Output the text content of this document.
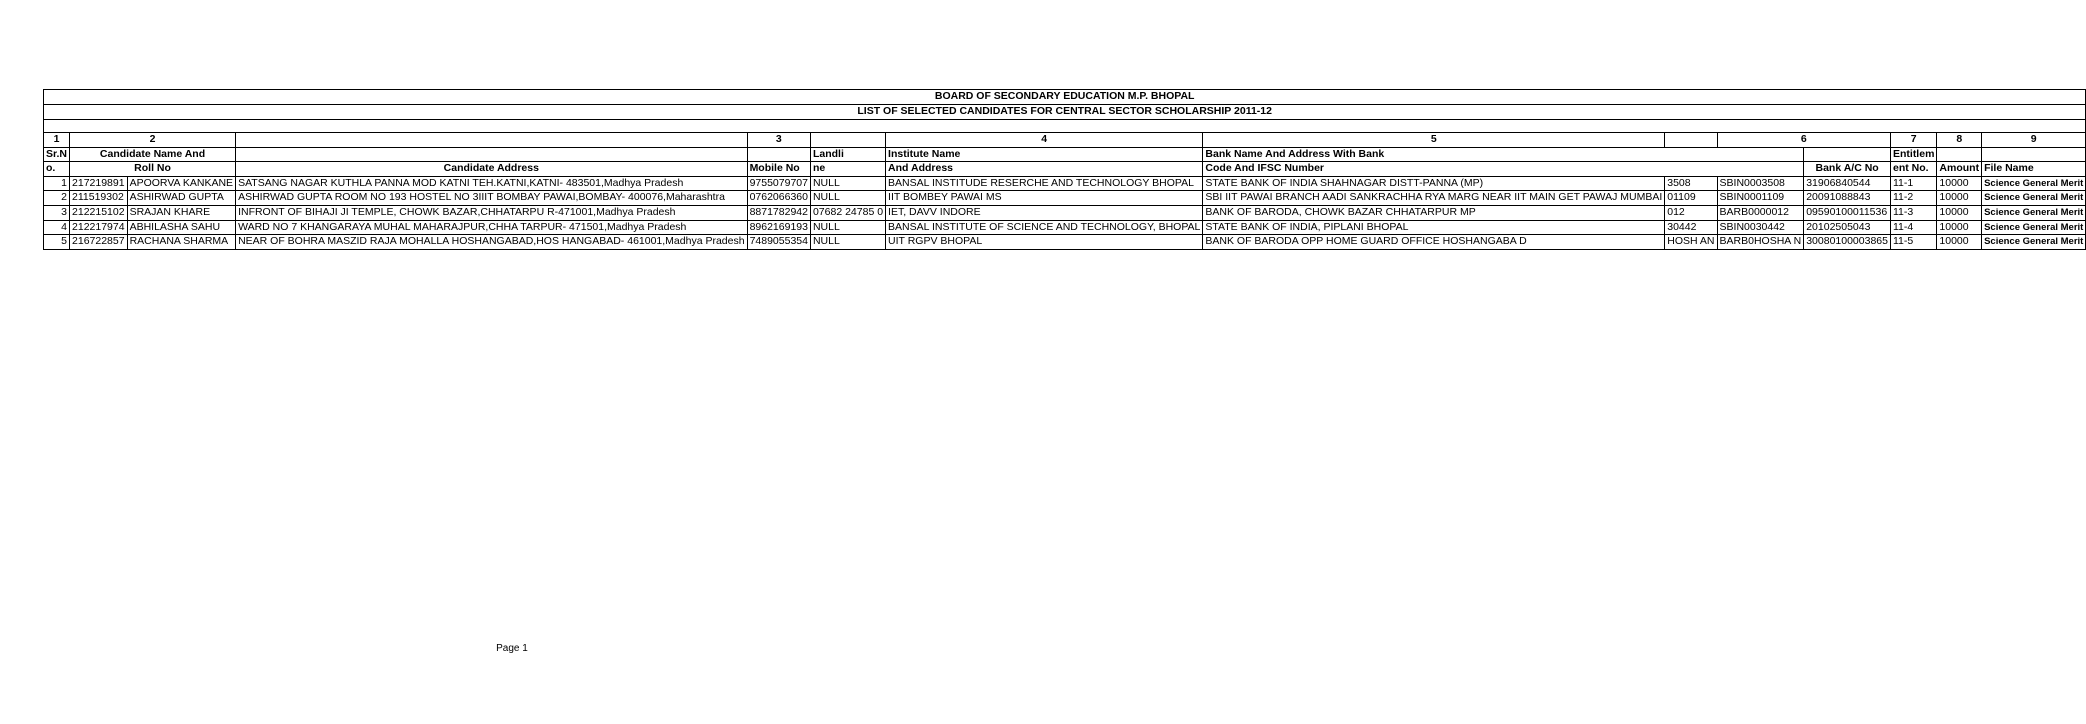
BOARD OF SECONDARY EDUCATION M.P. BHOPAL													
LIST OF SELECTED CANDIDATES FOR CENTRAL SECTOR SCHOLARSHIP 2011-12													

1	2			3		4	5		6		7	8	9
Sr.N	Candidate Name And				Landli	Institute Name	Bank Name And Address With Bank				Entitlem		
o.	Roll No		Candidate Address	Mobile No	ne	And Address	Code And IFSC Number			Bank A/C No	ent No.	Amount	File Name
1	217219891	APOORVA KANKANE	SATSANG NAGAR KUTHLA PANNA MOD KATNI TEH.KATNI,KATNI- 483501,Madhya Pradesh	9755079707	NULL	BANSAL INSTITUDE RESERCHE AND TECHNOLOGY BHOPAL	STATE BANK OF INDIA SHAHNAGAR DISTT-PANNA (MP)	3508	SBIN0003508	31906840544	11-1	10000	Science General Merit
2	211519302	ASHIRWAD GUPTA	ASHIRWAD GUPTA ROOM NO 193 HOSTEL NO 3IIIT BOMBAY PAWAI,BOMBAY- 400076,Maharashtra	0762066360	NULL	IIT BOMBEY PAWAI MS	SBI IIT PAWAI BRANCH AADI SANKRACHHA RYA MARG NEAR IIT MAIN GET PAWAJ MUMBAI	01109	SBIN0001109	20091088843	11-2	10000	Science General Merit
3	212215102	SRAJAN KHARE	INFRONT OF BIHAJI JI TEMPLE, CHOWK BAZAR,CHHATARPU R-471001,Madhya Pradesh	8871782942	07682 24785 0	IET, DAVV INDORE	BANK OF BARODA, CHOWK BAZAR CHHATARPUR MP	012	BARB0000012	09590100011536	11-3	10000	Science General Merit
4	212217974	ABHILASHA SAHU	WARD NO 7 KHANGARAYA MUHAL MAHARAJPUR,CHHA TARPUR- 471501,Madhya Pradesh	8962169193	NULL	BANSAL INSTITUTE OF SCIENCE AND TECHNOLOGY, BHOPAL	STATE BANK OF INDIA, PIPLANI BHOPAL	30442	SBIN0030442	20102505043	11-4	10000	Science General Merit
5	216722857	RACHANA SHARMA	NEAR OF BOHRA MASZID RAJA MOHALLA HOSHANGABAD,HOS HANGABAD- 461001,Madhya Pradesh	7489055354	NULL	UIT RGPV BHOPAL	BANK OF BARODA OPP HOME GUARD OFFICE HOSHANGABA D	HOSH AN	BARB0HOSHA N	30080100003865	11-5	10000	Science General Merit
Page 1
